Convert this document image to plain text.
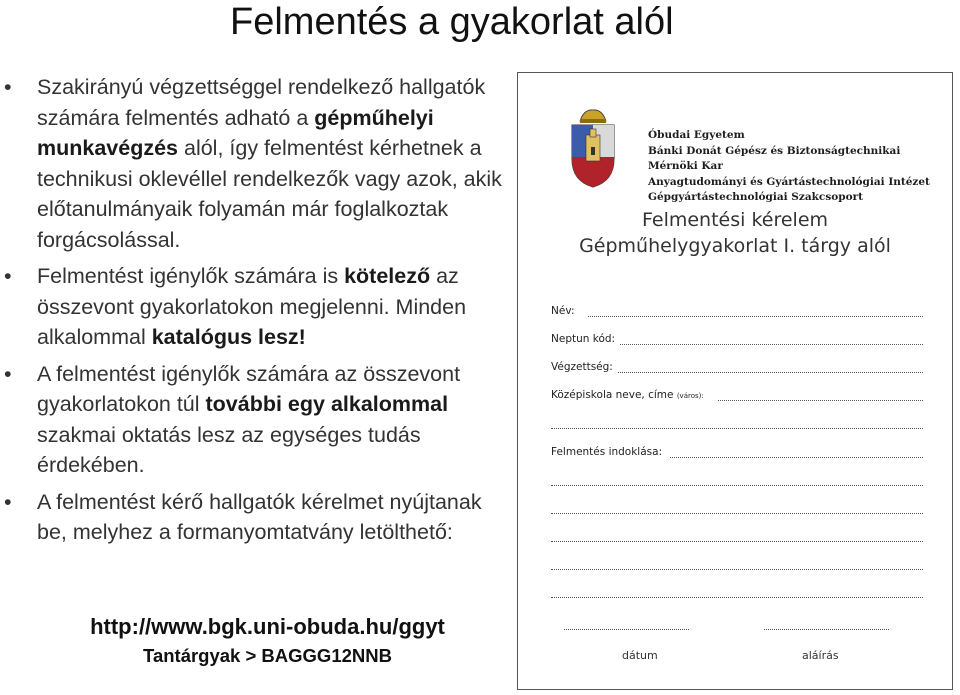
Felmentés a gyakorlat alól
• Szakirányú végzettséggel rendelkező hallgatók számára felmentés adható a gépműhelyi munkavégzés alól, így felmentést kérhetnek a technikusi oklevéllel rendelkezők vagy azok, akik előtanulmányaik folyamán már foglalkoztak forgácsolással.
• Felmentést igénylők számára is kötelező az összevont gyakorlatokon megjelenni. Minden alkalommal katalógus lesz!
• A felmentést igénylők számára az összevont gyakorlatokon túl további egy alkalommal szakmai oktatás lesz az egységes tudás érdekében.
• A felmentést kérő hallgatók kérelmet nyújtanak be, melyhez a formanyomtatvány letölthető:
http://www.bgk.uni-obuda.hu/ggyt
Tantárgyak > BAGGG12NNB
Óbudai Egyetem
Bánki Donát Gépész és Biztonságtechnikai Mérnöki Kar
Anyagtudományi és Gyártástechnológiai Intézet
Gépgyártástechnológiai Szakcsoport
Felmentési kérelem
Gépműhelygyakorlat I. tárgy alól
Név:
Neptun kód:
Végzettség:
Középiskola neve, címe (város):
Felmentés indoklása:
dátum	aláírás
